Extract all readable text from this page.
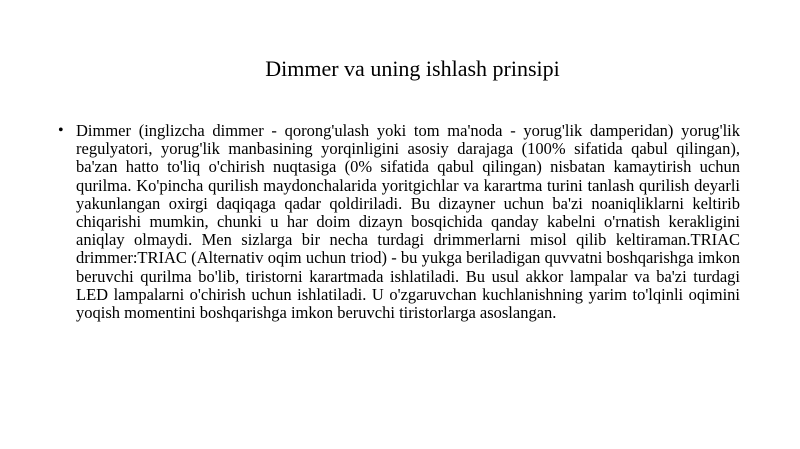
Dimmer va uning ishlash prinsipi
• Dimmer (inglizcha dimmer - qorong'ulash yoki tom ma'noda - yorug'lik damperidan) yorug'lik regulyatori, yorug'lik manbasining yorqinligini asosiy darajaga (100% sifatida qabul qilingan), ba'zan hatto to'liq o'chirish nuqtasiga (0% sifatida qabul qilingan) nisbatan kamaytirish uchun qurilma. Ko'pincha qurilish maydonchalarida yoritgichlar va karartma turini tanlash qurilish deyarli yakunlangan oxirgi daqiqaga qadar qoldiriladi. Bu dizayner uchun ba'zi noaniqliklarni keltirib chiqarishi mumkin, chunki u har doim dizayn bosqichida qanday kabelni o'rnatish kerakligini aniqlay olmaydi. Men sizlarga bir necha turdagi drimmerlarni misol qilib keltiraman.TRIAC drimmer:TRIAC (Alternativ oqim uchun triod) - bu yukga beriladigan quvvatni boshqarishga imkon beruvchi qurilma bo'lib, tiristorni karartmada ishlatiladi. Bu usul akkor lampalar va ba'zi turdagi LED lampalarni o'chirish uchun ishlatiladi. U o'zgaruvchan kuchlanishning yarim to'lqinli oqimini yoqish momentini boshqarishga imkon beruvchi tiristorlarga asoslangan.
